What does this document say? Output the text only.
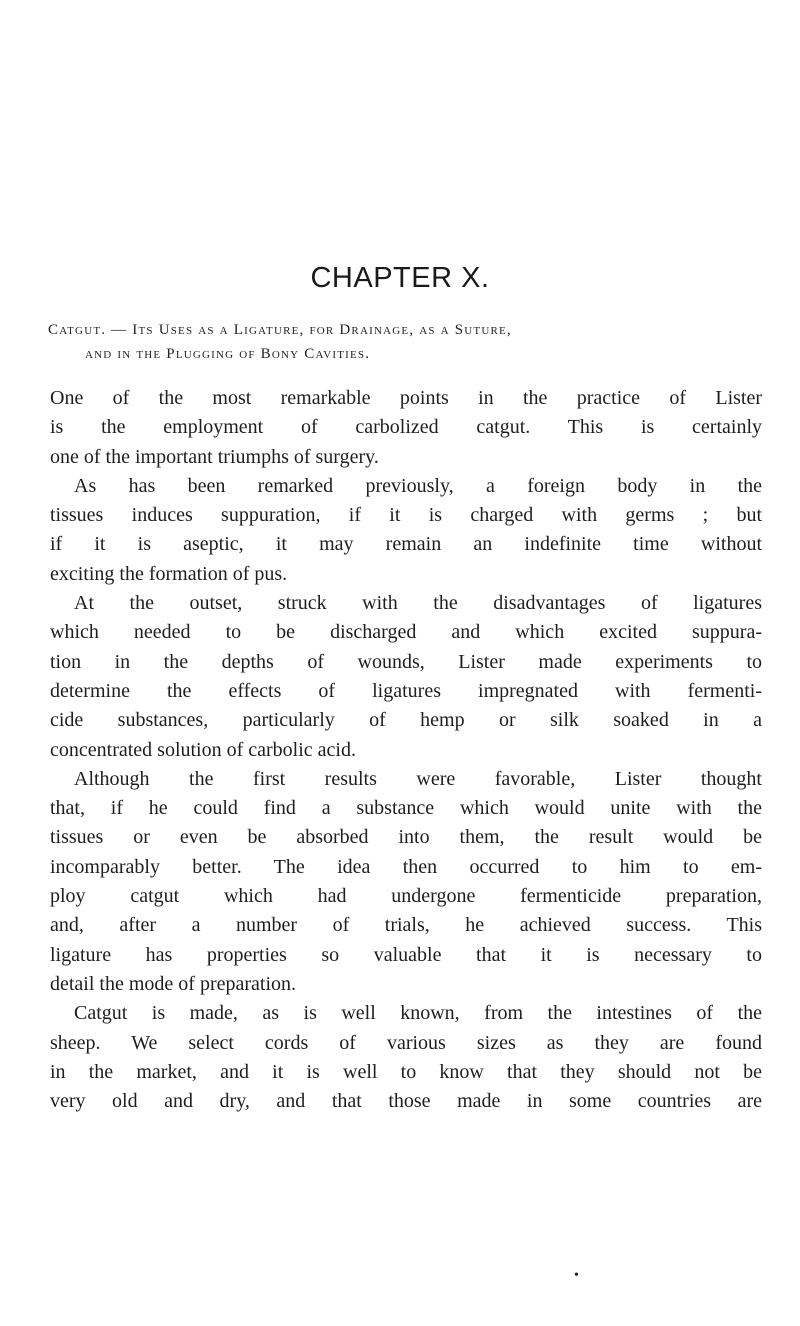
CHAPTER X.
Catgut. — Its Uses as a Ligature, for Drainage, as a Suture,
and in the Plugging of Bony Cavities.
One of the most remarkable points in the practice of Lister
is the employment of carbolized catgut. This is certainly
one of the important triumphs of surgery.
As has been remarked previously, a foreign body in the
tissues induces suppuration, if it is charged with germs ; but
if it is aseptic, it may remain an indefinite time without
exciting the formation of pus.
At the outset, struck with the disadvantages of ligatures
which needed to be discharged and which excited suppura-
tion in the depths of wounds, Lister made experiments to
determine the effects of ligatures impregnated with fermenti-
cide substances, particularly of hemp or silk soaked in a
concentrated solution of carbolic acid.
Although the first results were favorable, Lister thought
that, if he could find a substance which would unite with the
tissues or even be absorbed into them, the result would be
incomparably better. The idea then occurred to him to em-
ploy catgut which had undergone fermenticide preparation,
and, after a number of trials, he achieved success. This
ligature has properties so valuable that it is necessary to
detail the mode of preparation.
Catgut is made, as is well known, from the intestines of the
sheep. We select cords of various sizes as they are found
in the market, and it is well to know that they should not be
very old and dry, and that those made in some countries are
•
